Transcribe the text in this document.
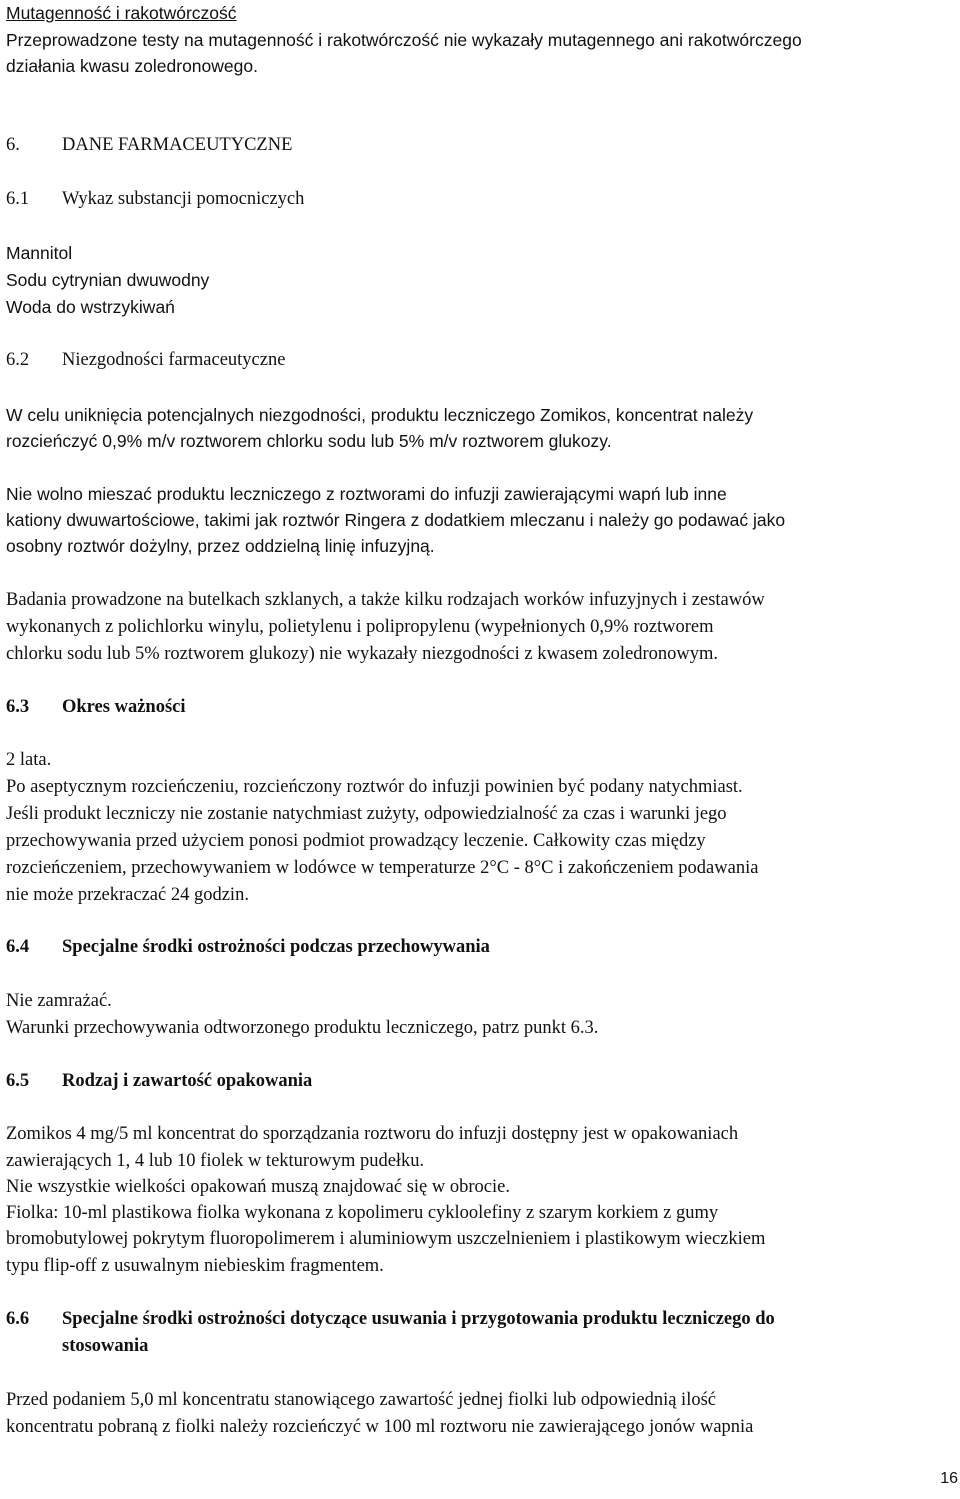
Mutagenność i rakotwórczość
Przeprowadzone testy na mutagenność i rakotwórczość nie wykazały mutagennego ani rakotwórczego
działania kwasu zoledronowego.
6. DANE FARMACEUTYCZNE
6.1 Wykaz substancji pomocniczych
Mannitol
Sodu cytrynian dwuwodny
Woda do wstrzykiwań
6.2 Niezgodności farmaceutyczne
W celu uniknięcia potencjalnych niezgodności, produktu leczniczego Zomikos, koncentrat należy
rozcieńczyć 0,9% m/v roztworem chlorku sodu lub 5% m/v roztworem glukozy.
Nie wolno mieszać produktu leczniczego z roztworami do infuzji zawierającymi wapń lub inne
kationy dwuwartościowe, takimi jak roztwór Ringera z dodatkiem mleczanu i należy go podawać jako
osobny roztwór dożylny, przez oddzielną linię infuzyjną.
Badania prowadzone na butelkach szklanych, a także kilku rodzajach worków infuzyjnych i zestawów
wykonanych z polichlorku winylu, polietylenu i polipropylenu (wypełnionych 0,9% roztworem
chlorku sodu lub 5% roztworem glukozy) nie wykazały niezgodności z kwasem zoledronowym.
6.3 Okres ważności
2 lata.
Po aseptycznym rozcieńczeniu, rozcieńczony roztwór do infuzji powinien być podany natychmiast.
Jeśli produkt leczniczy nie zostanie natychmiast zużyty, odpowiedzialność za czas i warunki jego
przechowywania przed użyciem ponosi podmiot prowadzący leczenie. Całkowity czas między
rozcieńczeniem, przechowywaniem w lodówce w temperaturze 2°C - 8°C i zakończeniem podawania
nie może przekraczać 24 godzin.
6.4 Specjalne środki ostrożności podczas przechowywania
Nie zamrażać.
Warunki przechowywania odtworzonego produktu leczniczego, patrz punkt 6.3.
6.5 Rodzaj i zawartość opakowania
Zomikos 4 mg/5 ml koncentrat do sporządzania roztworu do infuzji dostępny jest w opakowaniach
zawierających 1, 4 lub 10 fiolek w tekturowym pudełku.
Nie wszystkie wielkości opakowań muszą znajdować się w obrocie.
Fiolka: 10-ml plastikowa fiolka wykonana z kopolimeru cykloolefiny z szarym korkiem z gumy
bromobutylowej pokrytym fluoropolimerem i aluminiowym uszczelnieniem i plastikowym wieczkiem
typu flip-off z usuwalnym niebieskim fragmentem.
6.6 Specjalne środki ostrożności dotyczące usuwania i przygotowania produktu leczniczego do
stosowania
Przed podaniem 5,0 ml koncentratu stanowiącego zawartość jednej fiolki lub odpowiednią ilość
koncentratu pobraną z fiolki należy rozcieńczyć w 100 ml roztworu nie zawierającego jonów wapnia
16
